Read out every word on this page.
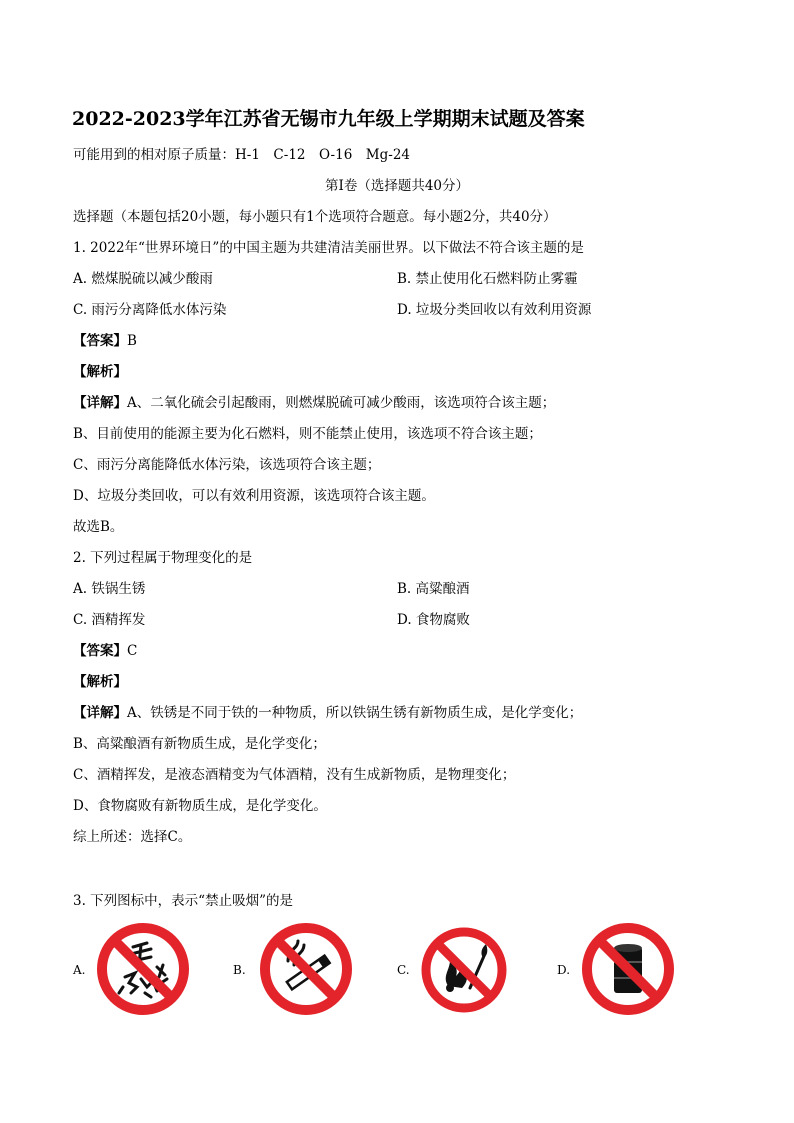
2022-2023学年江苏省无锡市九年级上学期期末试题及答案
可能用到的相对原子质量：H-1　C-12　O-16　Mg-24
第Ⅰ卷（选择题共40分）
选择题（本题包括20小题，每小题只有1个选项符合题意。每小题2分，共40分）
1. 2022年“世界环境日”的中国主题为共建清洁美丽世界。以下做法不符合该主题的是
A. 燃煤脱硫以减少酸雨	B. 禁止使用化石燃料防止雾霾
C. 雨污分离降低水体污染	D. 垃圾分类回收以有效利用资源
【答案】B
【解析】
【详解】A、二氧化硫会引起酸雨，则燃煤脱硫可减少酸雨，该选项符合该主题；
B、目前使用的能源主要为化石燃料，则不能禁止使用，该选项不符合该主题；
C、雨污分离能降低水体污染，该选项符合该主题；
D、垃圾分类回收，可以有效利用资源，该选项符合该主题。
故选B。
2. 下列过程属于物理变化的是
A. 铁锅生锈	B. 高粱酿酒
C. 酒精挥发	D. 食物腐败
【答案】C
【解析】
【详解】A、铁锈是不同于铁的一种物质，所以铁锅生锈有新物质生成，是化学变化；
B、高粱酿酒有新物质生成，是化学变化；
C、酒精挥发，是液态酒精变为气体酒精，没有生成新物质，是物理变化；
D、食物腐败有新物质生成，是化学变化。
综上所述：选择C。
3. 下列图标中，表示“禁止吸烟”的是
A.	B.	C.	D.
